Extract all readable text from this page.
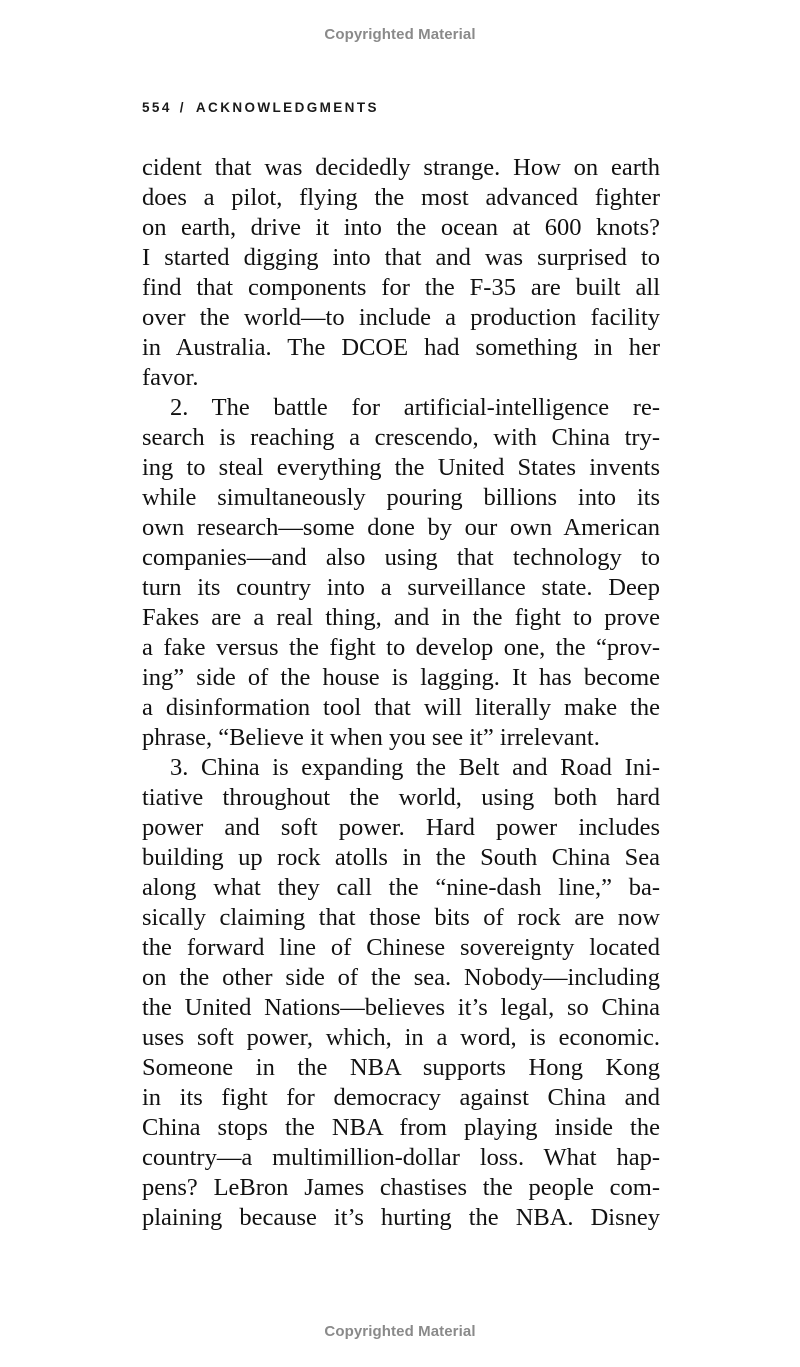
Copyrighted Material
554 / ACKNOWLEDGMENTS
cident that was decidedly strange. How on earth
does a pilot, flying the most advanced fighter
on earth, drive it into the ocean at 600 knots?
I started digging into that and was surprised to
find that components for the F-35 are built all
over the world—to include a production facility
in Australia. The DCOE had something in her
favor.
2. The battle for artificial-intelligence re-
search is reaching a crescendo, with China try-
ing to steal everything the United States invents
while simultaneously pouring billions into its
own research—some done by our own American
companies—and also using that technology to
turn its country into a surveillance state. Deep
Fakes are a real thing, and in the fight to prove
a fake versus the fight to develop one, the “prov-
ing” side of the house is lagging. It has become
a disinformation tool that will literally make the
phrase, “Believe it when you see it” irrelevant.
3. China is expanding the Belt and Road Ini-
tiative throughout the world, using both hard
power and soft power. Hard power includes
building up rock atolls in the South China Sea
along what they call the “nine-dash line,” ba-
sically claiming that those bits of rock are now
the forward line of Chinese sovereignty located
on the other side of the sea. Nobody—including
the United Nations—believes it’s legal, so China
uses soft power, which, in a word, is economic.
Someone in the NBA supports Hong Kong
in its fight for democracy against China and
China stops the NBA from playing inside the
country—a multimillion-dollar loss. What hap-
pens? LeBron James chastises the people com-
plaining because it’s hurting the NBA. Disney
Copyrighted Material
